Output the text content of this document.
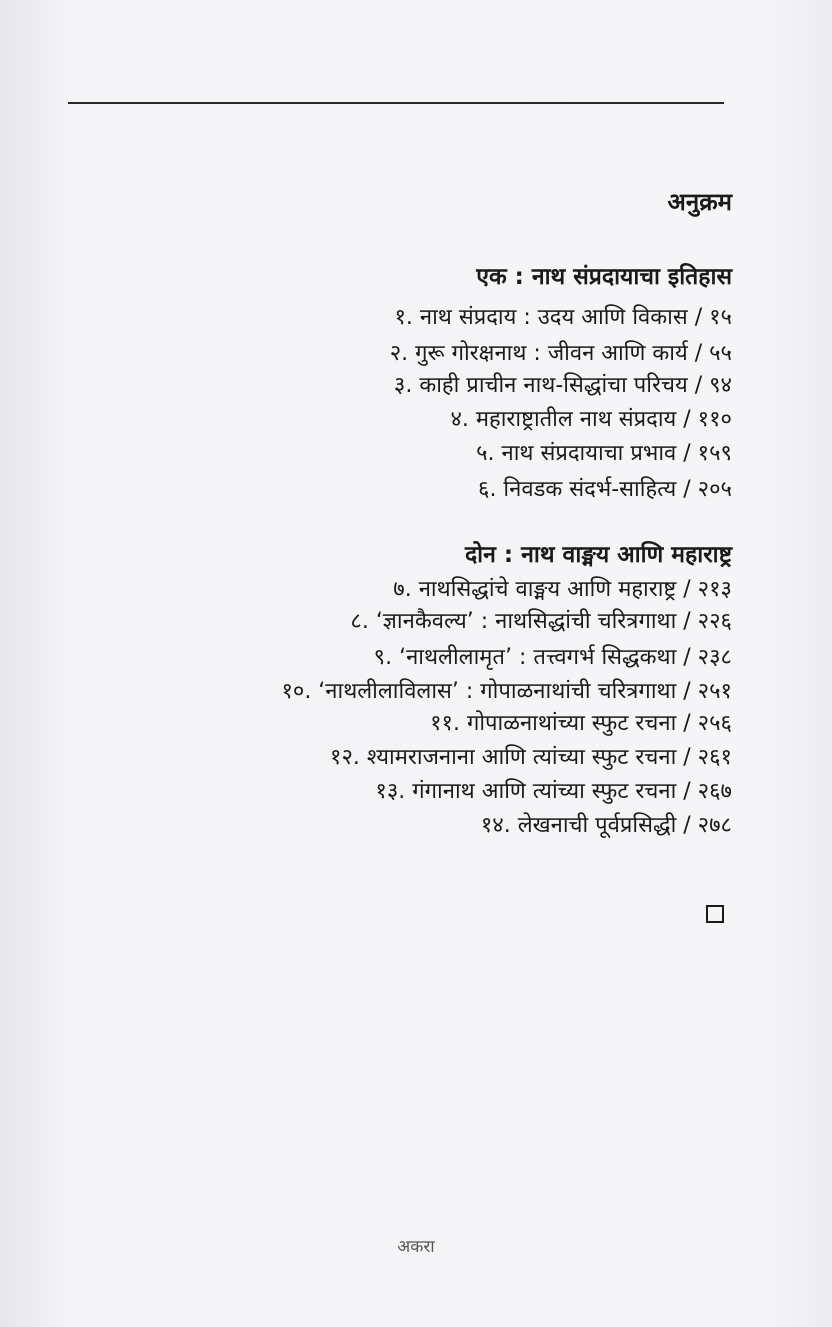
अनुक्रम
एक : नाथ संप्रदायाचा इतिहास
१. नाथ संप्रदाय : उदय आणि विकास / १५
२. गुरू गोरक्षनाथ : जीवन आणि कार्य / ५५
३. काही प्राचीन नाथ-सिद्धांचा परिचय / ९४
४. महाराष्ट्रातील नाथ संप्रदाय / ११०
५. नाथ संप्रदायाचा प्रभाव / १५९
६. निवडक संदर्भ-साहित्य / २०५
दोन : नाथ वाङ्मय आणि महाराष्ट्र
७. नाथसिद्धांचे वाङ्मय आणि महाराष्ट्र / २१३
८. ‘ज्ञानकैवल्य’ : नाथसिद्धांची चरित्रगाथा / २२६
९. ‘नाथलीलामृत’ : तत्त्वगर्भ सिद्धकथा / २३८
१०. ‘नाथलीलाविलास’ : गोपाळनाथांची चरित्रगाथा / २५१
११. गोपाळनाथांच्या स्फुट रचना / २५६
१२. श्यामराजनाना आणि त्यांच्या स्फुट रचना / २६१
१३. गंगानाथ आणि त्यांच्या स्फुट रचना / २६७
१४. लेखनाची पूर्वप्रसिद्धी / २७८
अकरा
